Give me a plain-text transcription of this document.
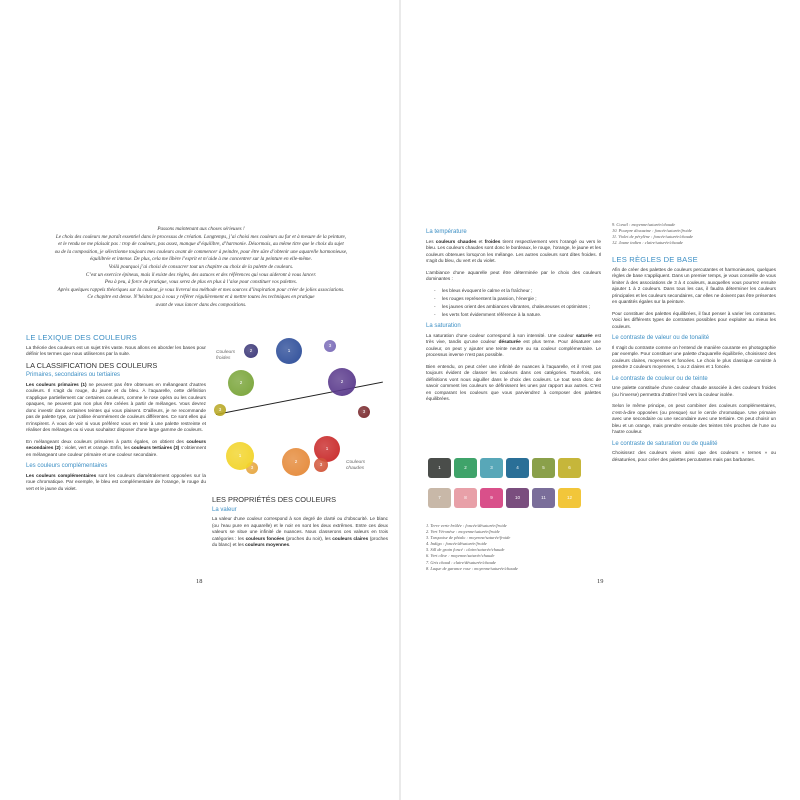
Passons maintenant aux choses sérieuses !

Le choix des couleurs me paraît essentiel dans le processus de création. Longtemps, j’ai choisi mes couleurs au fur et à mesure de la peinture,

et le rendu ne me plaisait pas : trop de couleurs, pas assez, manque d’équilibre, d’harmonie. Désormais, au même titre que le choix du sujet

ou de la composition, je sélectionne toujours mes couleurs avant de commencer à peindre, pour être sûre d’obtenir une aquarelle harmonieuse,

équilibrée et intense. De plus, cela me libère l’esprit et m’aide à me concentrer sur la peinture en elle-même.

Voilà pourquoi j’ai choisi de consacrer tout un chapitre au choix de la palette de couleurs.

C’est un exercice épineux, mais il existe des règles, des astuces et des références qui vous aideront à vous lancer.

Peu à peu, à force de pratique, vous serez de plus en plus à l’aise pour constituer vos palettes.

Après quelques rappels théoriques sur la couleur, je vous livrerai ma méthode et mes sources d’inspiration pour créer de jolies associations.

Ce chapitre est dense. N’hésitez pas à vous y référer régulièrement et à mettre toutes les techniques en pratique

avant de vous lancer dans des compositions.

LE LEXIQUE DES COULEURS

La théorie des couleurs est un sujet très vaste. Nous allons en aborder les bases pour définir les termes que nous utiliserons par la suite.

LA CLASSIFICATION DES COULEURS
Primaires, secondaires ou tertiaires

Les couleurs primaires (1) ne peuvent pas être obtenues en mélangeant d’autres couleurs. Il s’agit du rouge, du jaune et du bleu. À l’aquarelle, cette définition s’applique partiellement car certaines couleurs, comme le rose opéra ou les couleurs opaques, ne peuvent pas non plus être créées à partir de mélanges. Vous devrez donc investir dans certaines teintes qui vous plaisent. D’ailleurs, je ne recommande pas de palette type, car j’utilise énormément de couleurs différentes. Ce sont elles qui m’inspirent. À vous de voir si vous préférez vous en tenir à une palette restreinte et réaliser des mélanges ou si vous souhaitez disposer d’une large gamme de couleurs.

En mélangeant deux couleurs primaires à parts égales, on obtient des couleurs secondaires (2) : violet, vert et orange. Enfin, les couleurs tertiaires (3) s’obtiennent en mélangeant une couleur primaire et une couleur secondaire.

Les couleurs complémentaires

Les couleurs complémentaires sont les couleurs diamétralement opposées sur la roue chromatique. Par exemple, le bleu est complémentaire de l’orange, le rouge du vert et le jaune du violet.

Couleurs froides
Couleurs chaudes
1
2
3
2
3
1
3
2
3
1
3
2
LES PROPRIÉTÉS DES COULEURS
La valeur

La valeur d’une couleur correspond à son degré de clarté ou d’obscurité. Le blanc (ou l’eau pure en aquarelle) et le noir en sont les deux extrêmes. Entre ces deux valeurs se situe une infinité de nuances. Nous classerons ces valeurs en trois catégories : les couleurs foncées (proches du noir), les couleurs claires (proches du blanc) et les couleurs moyennes.

18
La température

Les couleurs chaudes et froides tirent respectivement vers l’orangé ou vers le bleu. Les couleurs chaudes sont donc le bordeaux, le rouge, l’orange, le jaune et les couleurs obtenues lorsqu’on les mélange. Les autres couleurs sont dites froides. Il s’agit du bleu, du vert et du violet.

L’ambiance d’une aquarelle peut être déterminée par le choix des couleurs dominantes :

- les bleus évoquent le calme et la fraîcheur ;
- les rouges représentent la passion, l’énergie ;
- les jaunes orient des ambiances vibrantes, chaleureuses et optimistes ;
- les verts font évidemment référence à la nature.
La saturation

La saturation d’une couleur correspond à son intensité. Une couleur saturée est très vive, tandis qu’une couleur désaturée est plus terne. Pour désaturer une couleur, on peut y ajouter une teinte neutre ou sa couleur complémentaire. Le processus inverse n’est pas possible.

Bien entendu, on peut créer une infinité de nuances à l’aquarelle, et il n’est pas toujours évident de classer les couleurs dans ces catégories. Toutefois, ces définitions vont nous aiguiller dans le choix des couleurs. Le tout sera donc de savoir comment les couleurs se définissent les unes par rapport aux autres. C’est en comparant les couleurs que vous parviendrez à composer des palettes équilibrées.

1	2	3	4	5	6
7	8	9	10	11	12
1. Terre verte brûlée : foncée/désaturée/froide
2. Vert Véronèse : moyenne/saturée/froide
3. Turquoise de phtalo : moyenne/saturée/froide
4. Indigo : foncée/désaturée/froide
5. Sill de grain foncé : claire/saturée/chaude
6. Vert olive : moyenne/saturée/chaude
7. Gris chaud : claire/désaturée/chaude
8. Laque de garance rose : moyenne/saturée/chaude
19
9. Corail : moyenne/saturée/chaude
10. Pourpre dioxazine : foncée/saturée/froide
11. Violet de pérylène : foncée/saturée/chaude
12. Jaune indien : claire/saturée/chaude
LES RÈGLES DE BASE

Afin de créer des palettes de couleurs percutantes et harmonieuses, quelques règles de base s’appliquent. Dans un premier temps, je vous conseille de vous limiter à des associations de 3 à 4 couleurs, auxquelles vous pourrez ensuite ajouter 1 à 2 couleurs. Dans tous les cas, il faudra déterminer les couleurs principales et les couleurs secondaires, car elles ne doivent pas être présentes en quantités égales sur la peinture.

Pour constituer des palettes équilibrées, il faut penser à varier les contrastes. Voici les différents types de contrastes possibles pour exploiter au mieux les couleurs.

Le contraste de valeur ou de tonalité

Il s’agit du contraste comme on l’entend de manière courante en photographie par exemple. Pour constituer une palette d’aquarelle équilibrée, choisissez des couleurs claires, moyennes et foncées. Le choix le plus classique consiste à prendre 2 couleurs moyennes, 1 ou 2 claires et 1 foncée.

Le contraste de couleur ou de teinte

Une palette constituée d’une couleur chaude associée à des couleurs froides (ou l’inverse) permettra d’attirer l’œil vers la couleur isolée.

Selon le même principe, on peut combiner des couleurs complémentaires, c’est-à-dire opposées (ou presque) sur le cercle chromatique. Une primaire avec une secondaire ou une secondaire avec une tertiaire. On peut choisir un bleu et un orange, mais prendre ensuite des teintes très proches de l’une ou l’autre couleur.

Le contraste de saturation ou de qualité

Choisissez des couleurs vives ainsi que des couleurs « ternes » ou désaturées, pour créer des palettes percutantes mais pas barbantes.
